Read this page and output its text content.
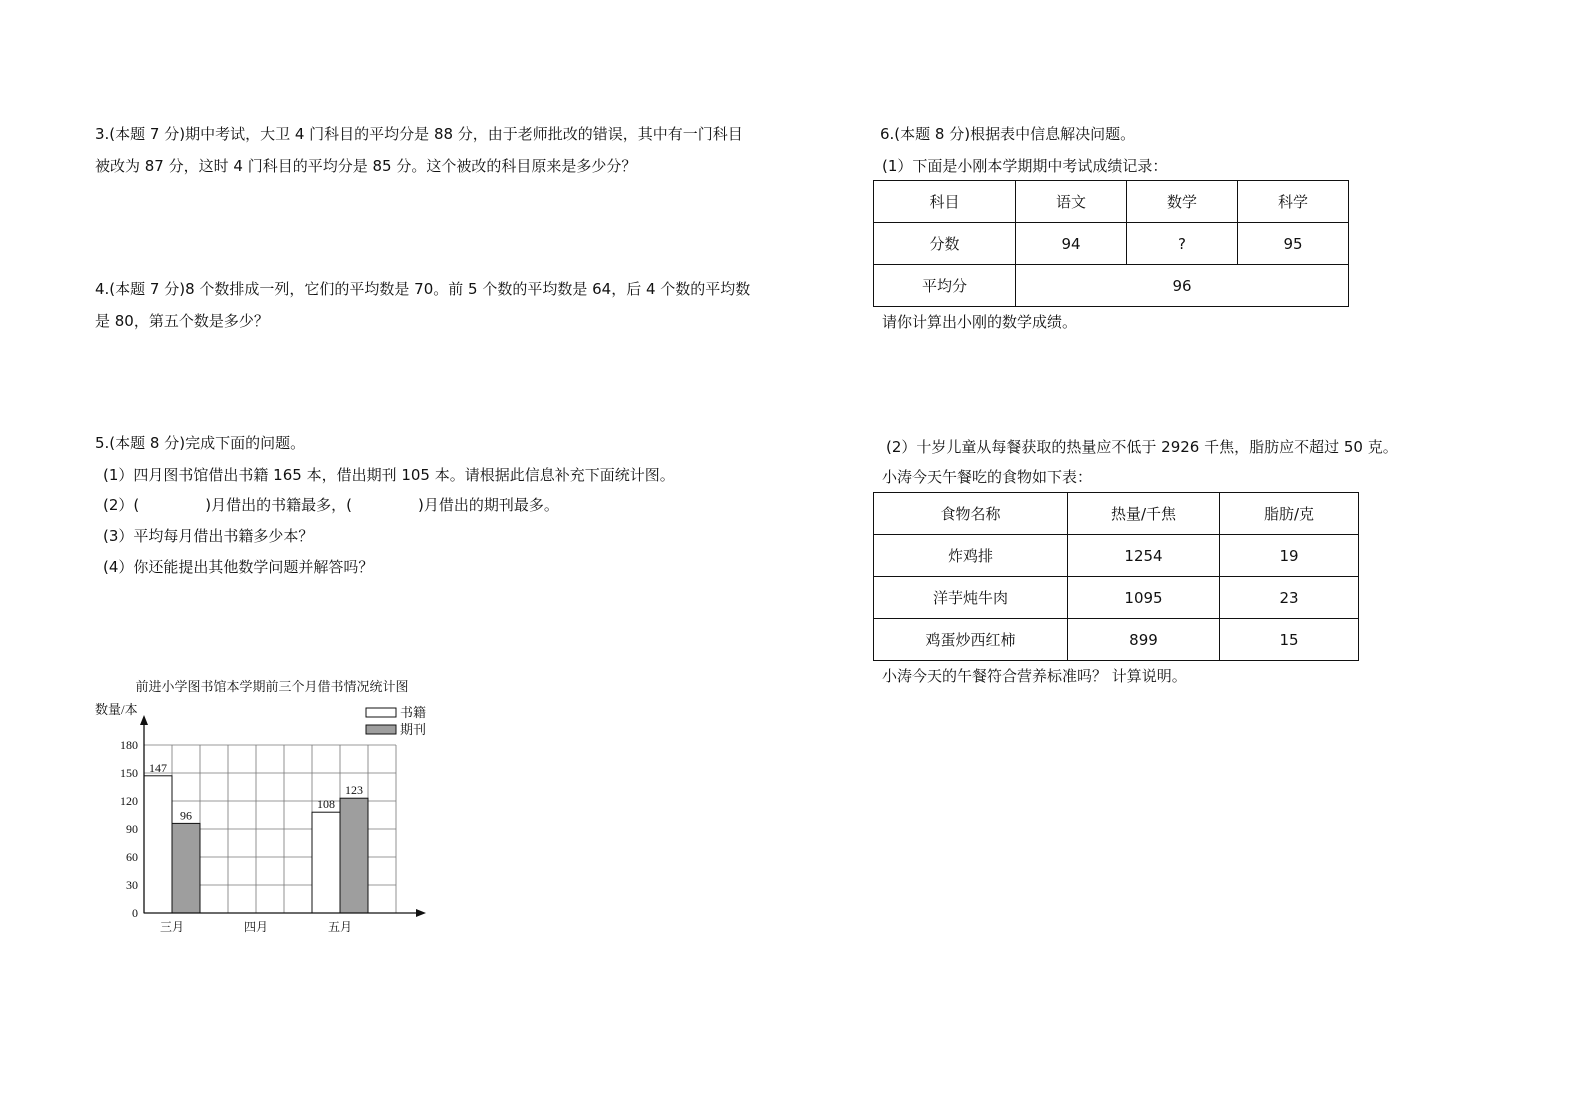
3.(本题 7 分)期中考试，大卫 4 门科目的平均分是 88 分，由于老师批改的错误，其中有一门科目
被改为 87 分，这时 4 门科目的平均分是 85 分。这个被改的科目原来是多少分？
4.(本题 7 分)8 个数排成一列，它们的平均数是 70。前 5 个数的平均数是 64，后 4 个数的平均数
是 80，第五个数是多少？
5.(本题 8 分)完成下面的问题。
(1）四月图书馆借出书籍 165 本，借出期刊 105 本。请根据此信息补充下面统计图。
(2）(	)月借出的书籍最多，(	)月借出的期刊最多。
(3）平均每月借出书籍多少本？
(4）你还能提出其他数学问题并解答吗？
147
96
108
123
0
30
60
90
120
150
180
三月	四月	五月
前进小学图书馆本学期前三个月借书情况统计图
数量/本	书籍
期刊
6.(本题 8 分)根据表中信息解决问题。
(1）下面是小刚本学期期中考试成绩记录：
科目	语文	数学	科学
分数	94	?	95
平均分	96		
请你计算出小刚的数学成绩。
(2）十岁儿童从每餐获取的热量应不低于 2926 千焦，脂肪应不超过 50 克。
小涛今天午餐吃的食物如下表：
食物名称	热量/千焦	脂肪/克
炸鸡排	1254	19
洋芋炖牛肉	1095	23
鸡蛋炒西红柿	899	15
小涛今天的午餐符合营养标准吗？ 计算说明。
